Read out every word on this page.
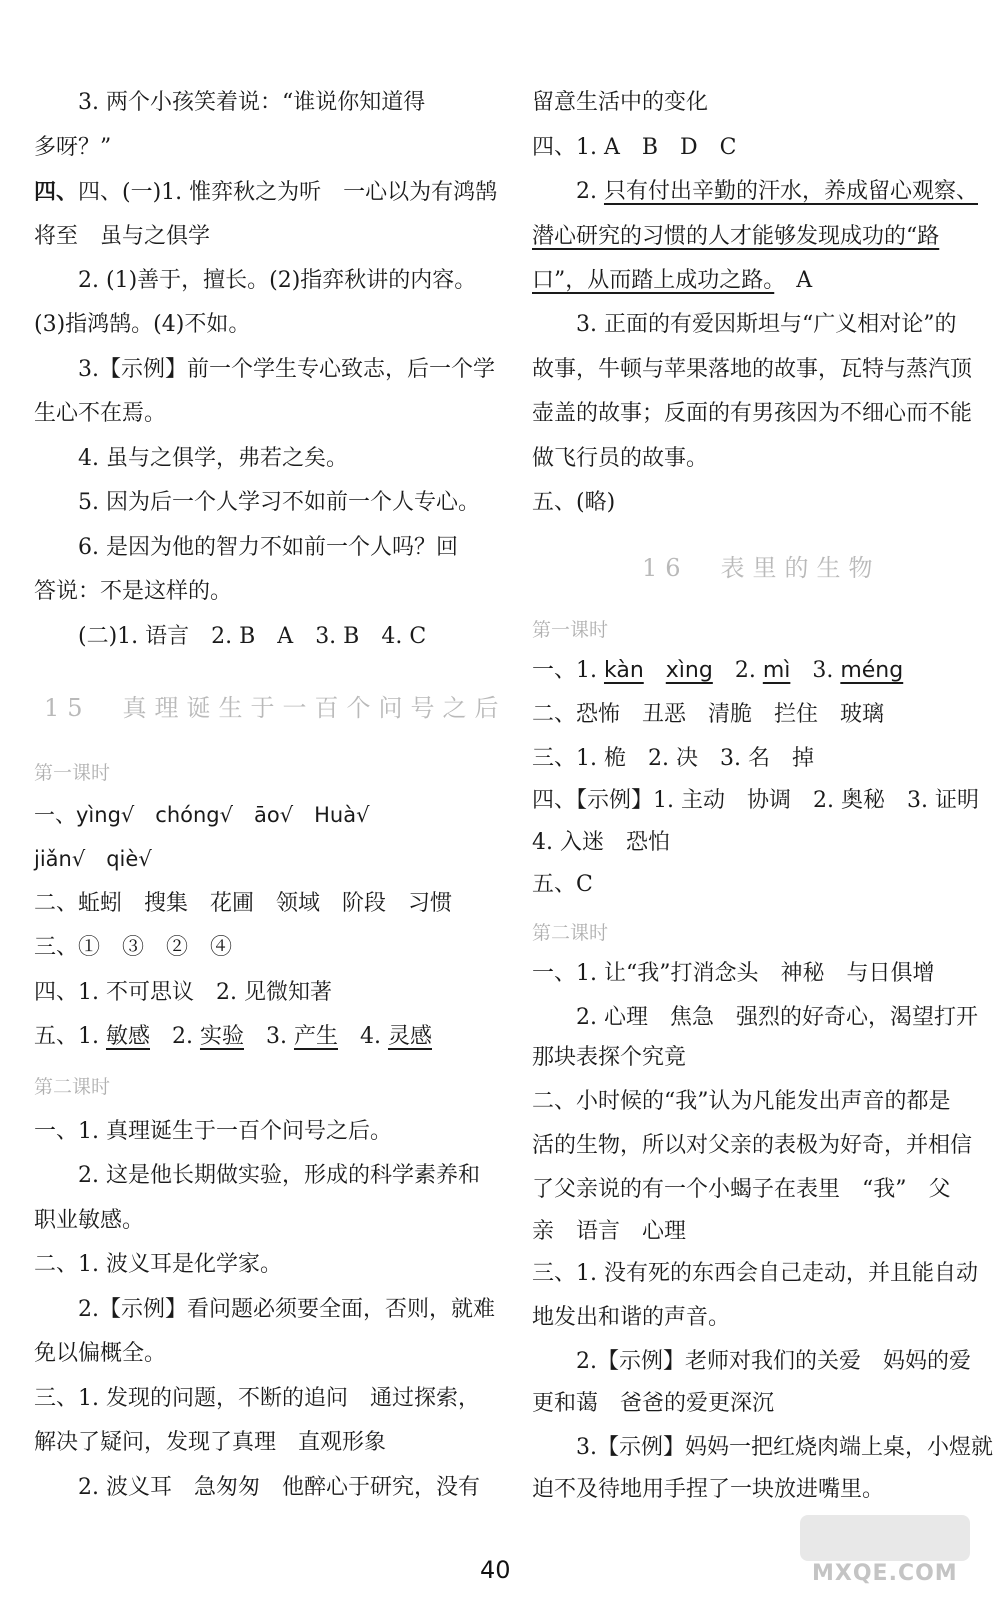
3. 两个小孩笑着说：“谁说你知道得
多呀？”
四、四、(一)1. 惟弈秋之为听　一心以为有鸿鹄
将至　虽与之俱学
2. (1)善于，擅长。(2)指弈秋讲的内容。
(3)指鸿鹄。(4)不如。
3.【示例】前一个学生专心致志，后一个学
生心不在焉。
4. 虽与之俱学，弗若之矣。
5. 因为后一个人学习不如前一个人专心。
6. 是因为他的智力不如前一个人吗？回
答说：不是这样的。
(二)1. 语言　2. B　A　3. B　4. C
15　真理诞生于一百个问号之后
第一课时
一、yìng√　chóng√　āo√　Huà√
jiǎn√　qiè√
二、蚯蚓　搜集　花圃　领域　阶段　习惯
三、①　③　②　④
四、1. 不可思议　2. 见微知著
五、1. 敏感　2. 实验　3. 产生　4. 灵感
第二课时
一、1. 真理诞生于一百个问号之后。
2. 这是他长期做实验，形成的科学素养和
职业敏感。
二、1. 波义耳是化学家。
2.【示例】看问题必须要全面，否则，就难
免以偏概全。
三、1. 发现的问题，不断的追问　通过探索，
解决了疑问，发现了真理　直观形象
2. 波义耳　急匆匆　他醉心于研究，没有
留意生活中的变化
四、1. A　B　D　C
2. 只有付出辛勤的汗水，养成留心观察、
潜心研究的习惯的人才能够发现成功的“路
口”，从而踏上成功之路。　A
3. 正面的有爱因斯坦与“广义相对论”的
故事，牛顿与苹果落地的故事，瓦特与蒸汽顶
壶盖的故事；反面的有男孩因为不细心而不能
做飞行员的故事。
五、(略)
16　表里的生物
第一课时
一、1. kàn　 xìng　2. mì　3. méng
二、恐怖　丑恶　清脆　拦住　玻璃
三、1. 桅　2. 决　3. 名　掉
四、【示例】1. 主动　协调　2. 奥秘　3. 证明
4. 入迷　恐怕
五、C
第二课时
一、1. 让“我”打消念头　神秘　与日俱增
2. 心理　焦急　强烈的好奇心，渴望打开
那块表探个究竟
二、小时候的“我”认为凡能发出声音的都是
活的生物，所以对父亲的表极为好奇，并相信
了父亲说的有一个小蝎子在表里　“我”　父
亲　语言　心理
三、1. 没有死的东西会自己走动，并且能自动
地发出和谐的声音。
2.【示例】老师对我们的关爱　妈妈的爱
更和蔼　爸爸的爱更深沉
3.【示例】妈妈一把红烧肉端上桌，小煜就
迫不及待地用手捏了一块放进嘴里。
40	MXQE.COM
